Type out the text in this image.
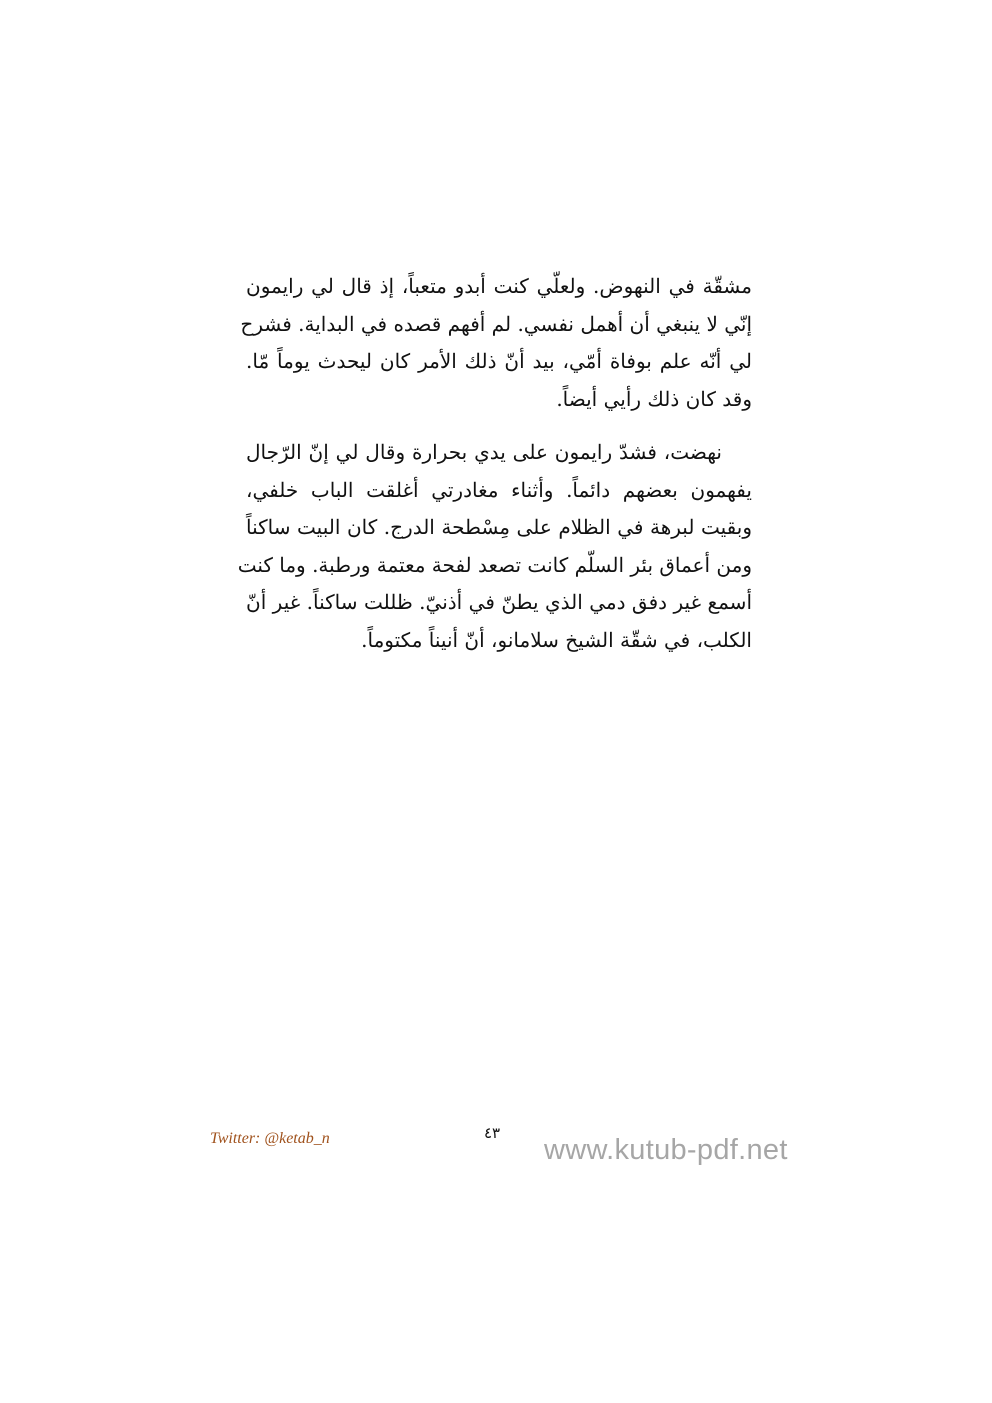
مشقّة في النهوض. ولعلّي كنت أبدو متعباً، إذ قال لي رايمون
إنّي لا ينبغي أن أهمل نفسي. لم أفهم قصده في البداية. فشرح
لي أنّه علم بوفاة أمّي، بيد أنّ ذلك الأمر كان ليحدث يوماً مّا.
وقد كان ذلك رأيي أيضاً.

نهضت، فشدّ رايمون على يدي بحرارة وقال لي إنّ الرّجال
يفهمون بعضهم دائماً. وأثناء مغادرتي أغلقت الباب خلفي،
وبقيت لبرهة في الظلام على مِسْطحة الدرج. كان البيت ساكناً
ومن أعماق بئر السلّم كانت تصعد لفحة معتمة ورطبة. وما كنت
أسمع غير دفق دمي الذي يطنّ في أذنيّ. ظللت ساكناً. غير أنّ
الكلب، في شقّة الشيخ سلامانو، أنّ أنيناً مكتوماً.

Twitter: @ketab_n	٤٣
www.kutub-pdf.net
